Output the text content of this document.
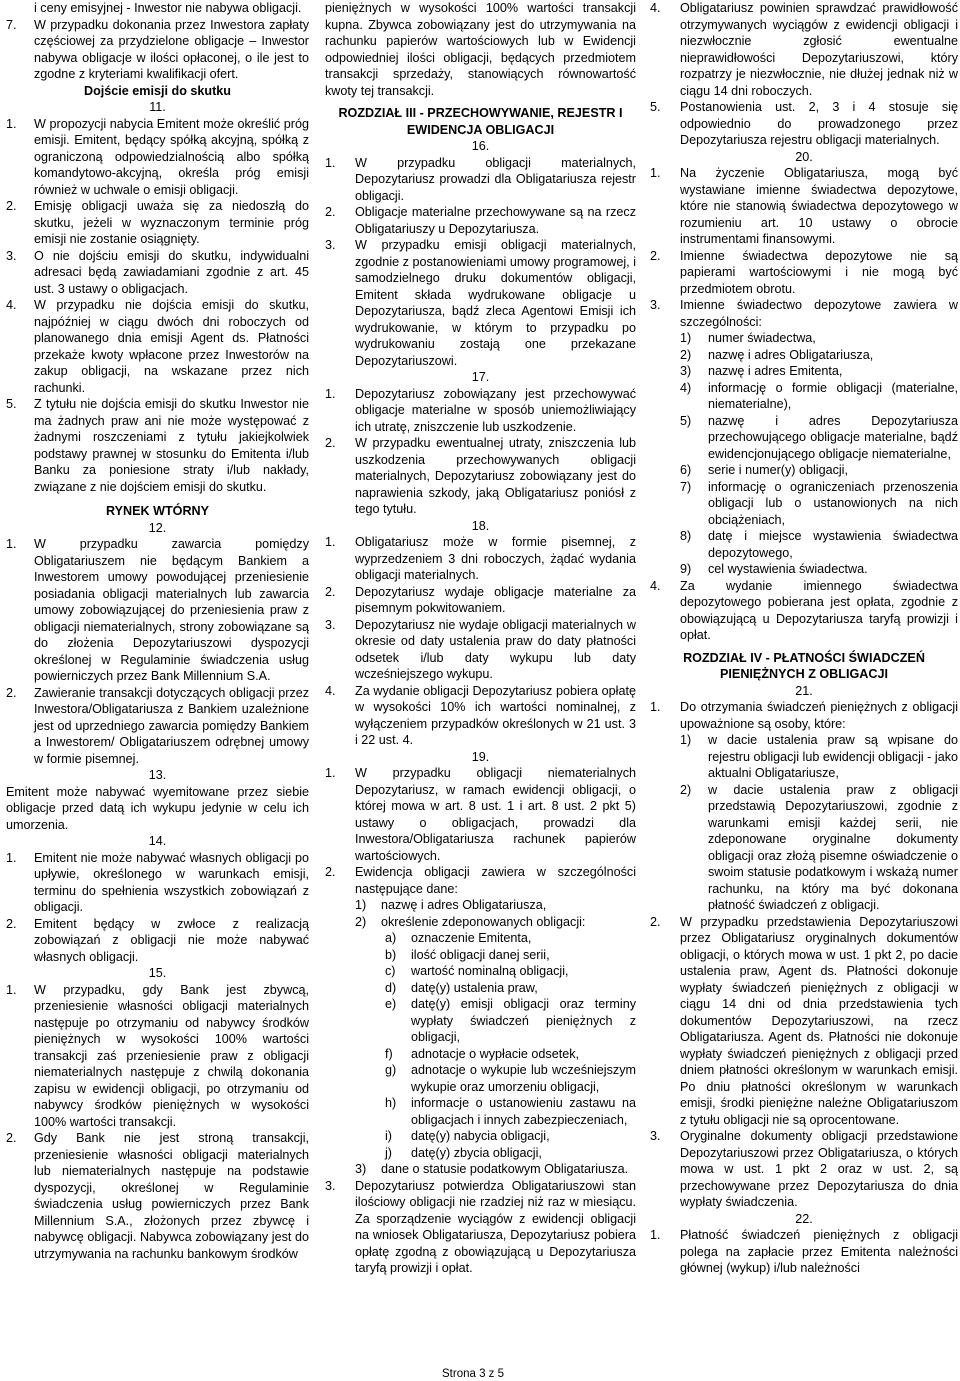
i ceny emisyjnej - Inwestor nie nabywa obligacji.
7. W przypadku dokonania przez Inwestora zapłaty częściowej za przydzielone obligacje – Inwestor nabywa obligacje w ilości opłaconej, o ile jest to zgodne z kryteriami kwalifikacji ofert.
Dojście emisji do skutku
11.
1. W propozycji nabycia Emitent może określić próg emisji. Emitent, będący spółką akcyjną, spółką z ograniczoną odpowiedzialnością albo spółką komandytowo-akcyjną, określa próg emisji również w uchwale o emisji obligacji.
2. Emisję obligacji uważa się za niedoszłą do skutku, jeżeli w wyznaczonym terminie próg emisji nie zostanie osiągnięty.
3. O nie dojściu emisji do skutku, indywidualni adresaci będą zawiadamiani zgodnie z art. 45 ust. 3 ustawy o obligacjach.
4. W przypadku nie dojścia emisji do skutku, najpóźniej w ciągu dwóch dni roboczych od planowanego dnia emisji Agent ds. Płatności przekaże kwoty wpłacone przez Inwestorów na zakup obligacji, na wskazane przez nich rachunki.
5. Z tytułu nie dojścia emisji do skutku Inwestor nie ma żadnych praw ani nie może występować z żadnymi roszczeniami z tytułu jakiejkolwiek podstawy prawnej w stosunku do Emitenta i/lub Banku za poniesione straty i/lub nakłady, związane z nie dojściem emisji do skutku.
RYNEK WTÓRNY
12.
1. W przypadku zawarcia pomiędzy Obligatariuszem nie będącym Bankiem a Inwestorem umowy powodującej przeniesienie posiadania obligacji materialnych lub zawarcia umowy zobowiązującej do przeniesienia praw z obligacji niematerialnych, strony zobowiązane są do złożenia Depozytariuszowi dyspozycji określonej w Regulaminie świadczenia usług powierniczych przez Bank Millennium S.A.
2. Zawieranie transakcji dotyczących obligacji przez Inwestora/Obligatariusza z Bankiem uzależnione jest od uprzedniego zawarcia pomiędzy Bankiem a Inwestorem/ Obligatariuszem odrębnej umowy w formie pisemnej.
13.
Emitent może nabywać wyemitowane przez siebie obligacje przed datą ich wykupu jedynie w celu ich umorzenia.
14.
1. Emitent nie może nabywać własnych obligacji po upływie, określonego w warunkach emisji, terminu do spełnienia wszystkich zobowiązań z obligacji.
2. Emitent będący w zwłoce z realizacją zobowiązań z obligacji nie może nabywać własnych obligacji.
15.
1. W przypadku, gdy Bank jest zbywcą, przeniesienie własności obligacji materialnych następuje po otrzymaniu od nabywcy środków pieniężnych w wysokości 100% wartości transakcji zaś przeniesienie praw z obligacji niematerialnych następuje z chwilą dokonania zapisu w ewidencji obligacji, po otrzymaniu od nabywcy środków pieniężnych w wysokości 100% wartości transakcji.
2. Gdy Bank nie jest stroną transakcji, przeniesienie własności obligacji materialnych lub niematerialnych następuje na podstawie dyspozycji, określonej w Regulaminie świadczenia usług powierniczych przez Bank Millennium S.A., złożonych przez zbywcę i nabywcę obligacji. Nabywca zobowiązany jest do utrzymywania na rachunku bankowym środków
pieniężnych w wysokości 100% wartości transakcji kupna. Zbywca zobowiązany jest do utrzymywania na rachunku papierów wartościowych lub w Ewidencji odpowiedniej ilości obligacji, będących przedmiotem transakcji sprzedaży, stanowiących równowartość kwoty tej transakcji.
ROZDZIAŁ III - PRZECHOWYWANIE, REJESTR I EWIDENCJA OBLIGACJI
16.
1. W przypadku obligacji materialnych, Depozytariusz prowadzi dla Obligatariusza rejestr obligacji.
2. Obligacje materialne przechowywane są na rzecz Obligatariuszy u Depozytariusza.
3. W przypadku emisji obligacji materialnych, zgodnie z postanowieniami umowy programowej, i samodzielnego druku dokumentów obligacji, Emitent składa wydrukowane obligacje u Depozytariusza, bądź zleca Agentowi Emisji ich wydrukowanie, w którym to przypadku po wydrukowaniu zostają one przekazane Depozytariuszowi.
17.
1. Depozytariusz zobowiązany jest przechowywać obligacje materialne w sposób uniemożliwiający ich utratę, zniszczenie lub uszkodzenie.
2. W przypadku ewentualnej utraty, zniszczenia lub uszkodzenia przechowywanych obligacji materialnych, Depozytariusz zobowiązany jest do naprawienia szkody, jaką Obligatariusz poniósł z tego tytułu.
18.
1. Obligatariusz może w formie pisemnej, z wyprzedzeniem 3 dni roboczych, żądać wydania obligacji materialnych.
2. Depozytariusz wydaje obligacje materialne za pisemnym pokwitowaniem.
3. Depozytariusz nie wydaje obligacji materialnych w okresie od daty ustalenia praw do daty płatności odsetek i/lub daty wykupu lub daty wcześniejszego wykupu.
4. Za wydanie obligacji Depozytariusz pobiera opłatę w wysokości 10% ich wartości nominalnej, z wyłączeniem przypadków określonych w 21 ust. 3 i 22 ust. 4.
19.
1. W przypadku obligacji niematerialnych Depozytariusz, w ramach ewidencji obligacji, o której mowa w art. 8 ust. 1 i art. 8 ust. 2 pkt 5) ustawy o obligacjach, prowadzi dla Inwestora/Obligatariusza rachunek papierów wartościowych.
2. Ewidencja obligacji zawiera w szczególności następujące dane:
1) nazwę i adres Obligatariusza,
2) określenie zdeponowanych obligacji:
a) oznaczenie Emitenta,
b) ilość obligacji danej serii,
c) wartość nominalną obligacji,
d) datę(y) ustalenia praw,
e) datę(y) emisji obligacji oraz terminy wypłaty świadczeń pieniężnych z obligacji,
f) adnotacje o wypłacie odsetek,
g) adnotacje o wykupie lub wcześniejszym wykupie oraz umorzeniu obligacji,
h) informacje o ustanowieniu zastawu na obligacjach i innych zabezpieczeniach,
i) datę(y) nabycia obligacji,
j) datę(y) zbycia obligacji,
3) dane o statusie podatkowym Obligatariusza.
3. Depozytariusz potwierdza Obligatariuszowi stan ilościowy obligacji nie rzadziej niż raz w miesiącu. Za sporządzenie wyciągów z ewidencji obligacji na wniosek Obligatariusza, Depozytariusz pobiera opłatę zgodną z obowiązującą u Depozytariusza taryfą prowizji i opłat.
4. Obligatariusz powinien sprawdzać prawidłowość otrzymywanych wyciągów z ewidencji obligacji i niezwłocznie zgłosić ewentualne nieprawidłowości Depozytariuszowi, który rozpatrzy je niezwłocznie, nie dłużej jednak niż w ciągu 14 dni roboczych.
5. Postanowienia ust. 2, 3 i 4 stosuje się odpowiednio do prowadzonego przez Depozytariusza rejestru obligacji materialnych.
20.
1. Na życzenie Obligatariusza, mogą być wystawiane imienne świadectwa depozytowe, które nie stanowią świadectwa depozytowego w rozumieniu art. 10 ustawy o obrocie instrumentami finansowymi.
2. Imienne świadectwa depozytowe nie są papierami wartościowymi i nie mogą być przedmiotem obrotu.
3. Imienne świadectwo depozytowe zawiera w szczególności:
1) numer świadectwa,
2) nazwę i adres Obligatariusza,
3) nazwę i adres Emitenta,
4) informację o formie obligacji (materialne, niematerialne),
5) nazwę i adres Depozytariusza przechowującego obligacje materialne, bądź ewidencjonującego obligacje niematerialne,
6) serie i numer(y) obligacji,
7) informację o ograniczeniach przenoszenia obligacji lub o ustanowionych na nich obciążeniach,
8) datę i miejsce wystawienia świadectwa depozytowego,
9) cel wystawienia świadectwa.
4. Za wydanie imiennego świadectwa depozytowego pobierana jest opłata, zgodnie z obowiązującą u Depozytariusza taryfą prowizji i opłat.
ROZDZIAŁ IV - PŁATNOŚCI ŚWIADCZEŃ PIENIĘŻNYCH Z OBLIGACJI
21.
1. Do otrzymania świadczeń pieniężnych z obligacji upoważnione są osoby, które:
1) w dacie ustalenia praw są wpisane do rejestru obligacji lub ewidencji obligacji - jako aktualni Obligatariusze,
2) w dacie ustalenia praw z obligacji przedstawią Depozytariuszowi, zgodnie z warunkami emisji każdej serii, nie zdeponowane oryginalne dokumenty obligacji oraz złożą pisemne oświadczenie o swoim statusie podatkowym i wskażą numer rachunku, na który ma być dokonana płatność świadczeń z obligacji.
2. W przypadku przedstawienia Depozytariuszowi przez Obligatariusz oryginalnych dokumentów obligacji, o których mowa w ust. 1 pkt 2, po dacie ustalenia praw, Agent ds. Płatności dokonuje wypłaty świadczeń pieniężnych z obligacji w ciągu 14 dni od dnia przedstawienia tych dokumentów Depozytariuszowi, na rzecz Obligatariusza. Agent ds. Płatności nie dokonuje wypłaty świadczeń pieniężnych z obligacji przed dniem płatności określonym w warunkach emisji. Po dniu płatności określonym w warunkach emisji, środki pieniężne należne Obligatariuszom z tytułu obligacji nie są oprocentowane.
3. Oryginalne dokumenty obligacji przedstawione Depozytariuszowi przez Obligatariusza, o których mowa w ust. 1 pkt 2 oraz w ust. 2, są przechowywane przez Depozytariusza do dnia wypłaty świadczenia.
22.
1. Płatność świadczeń pieniężnych z obligacji polega na zapłacie przez Emitenta należności głównej (wykup) i/lub należności
Strona 3 z 5
